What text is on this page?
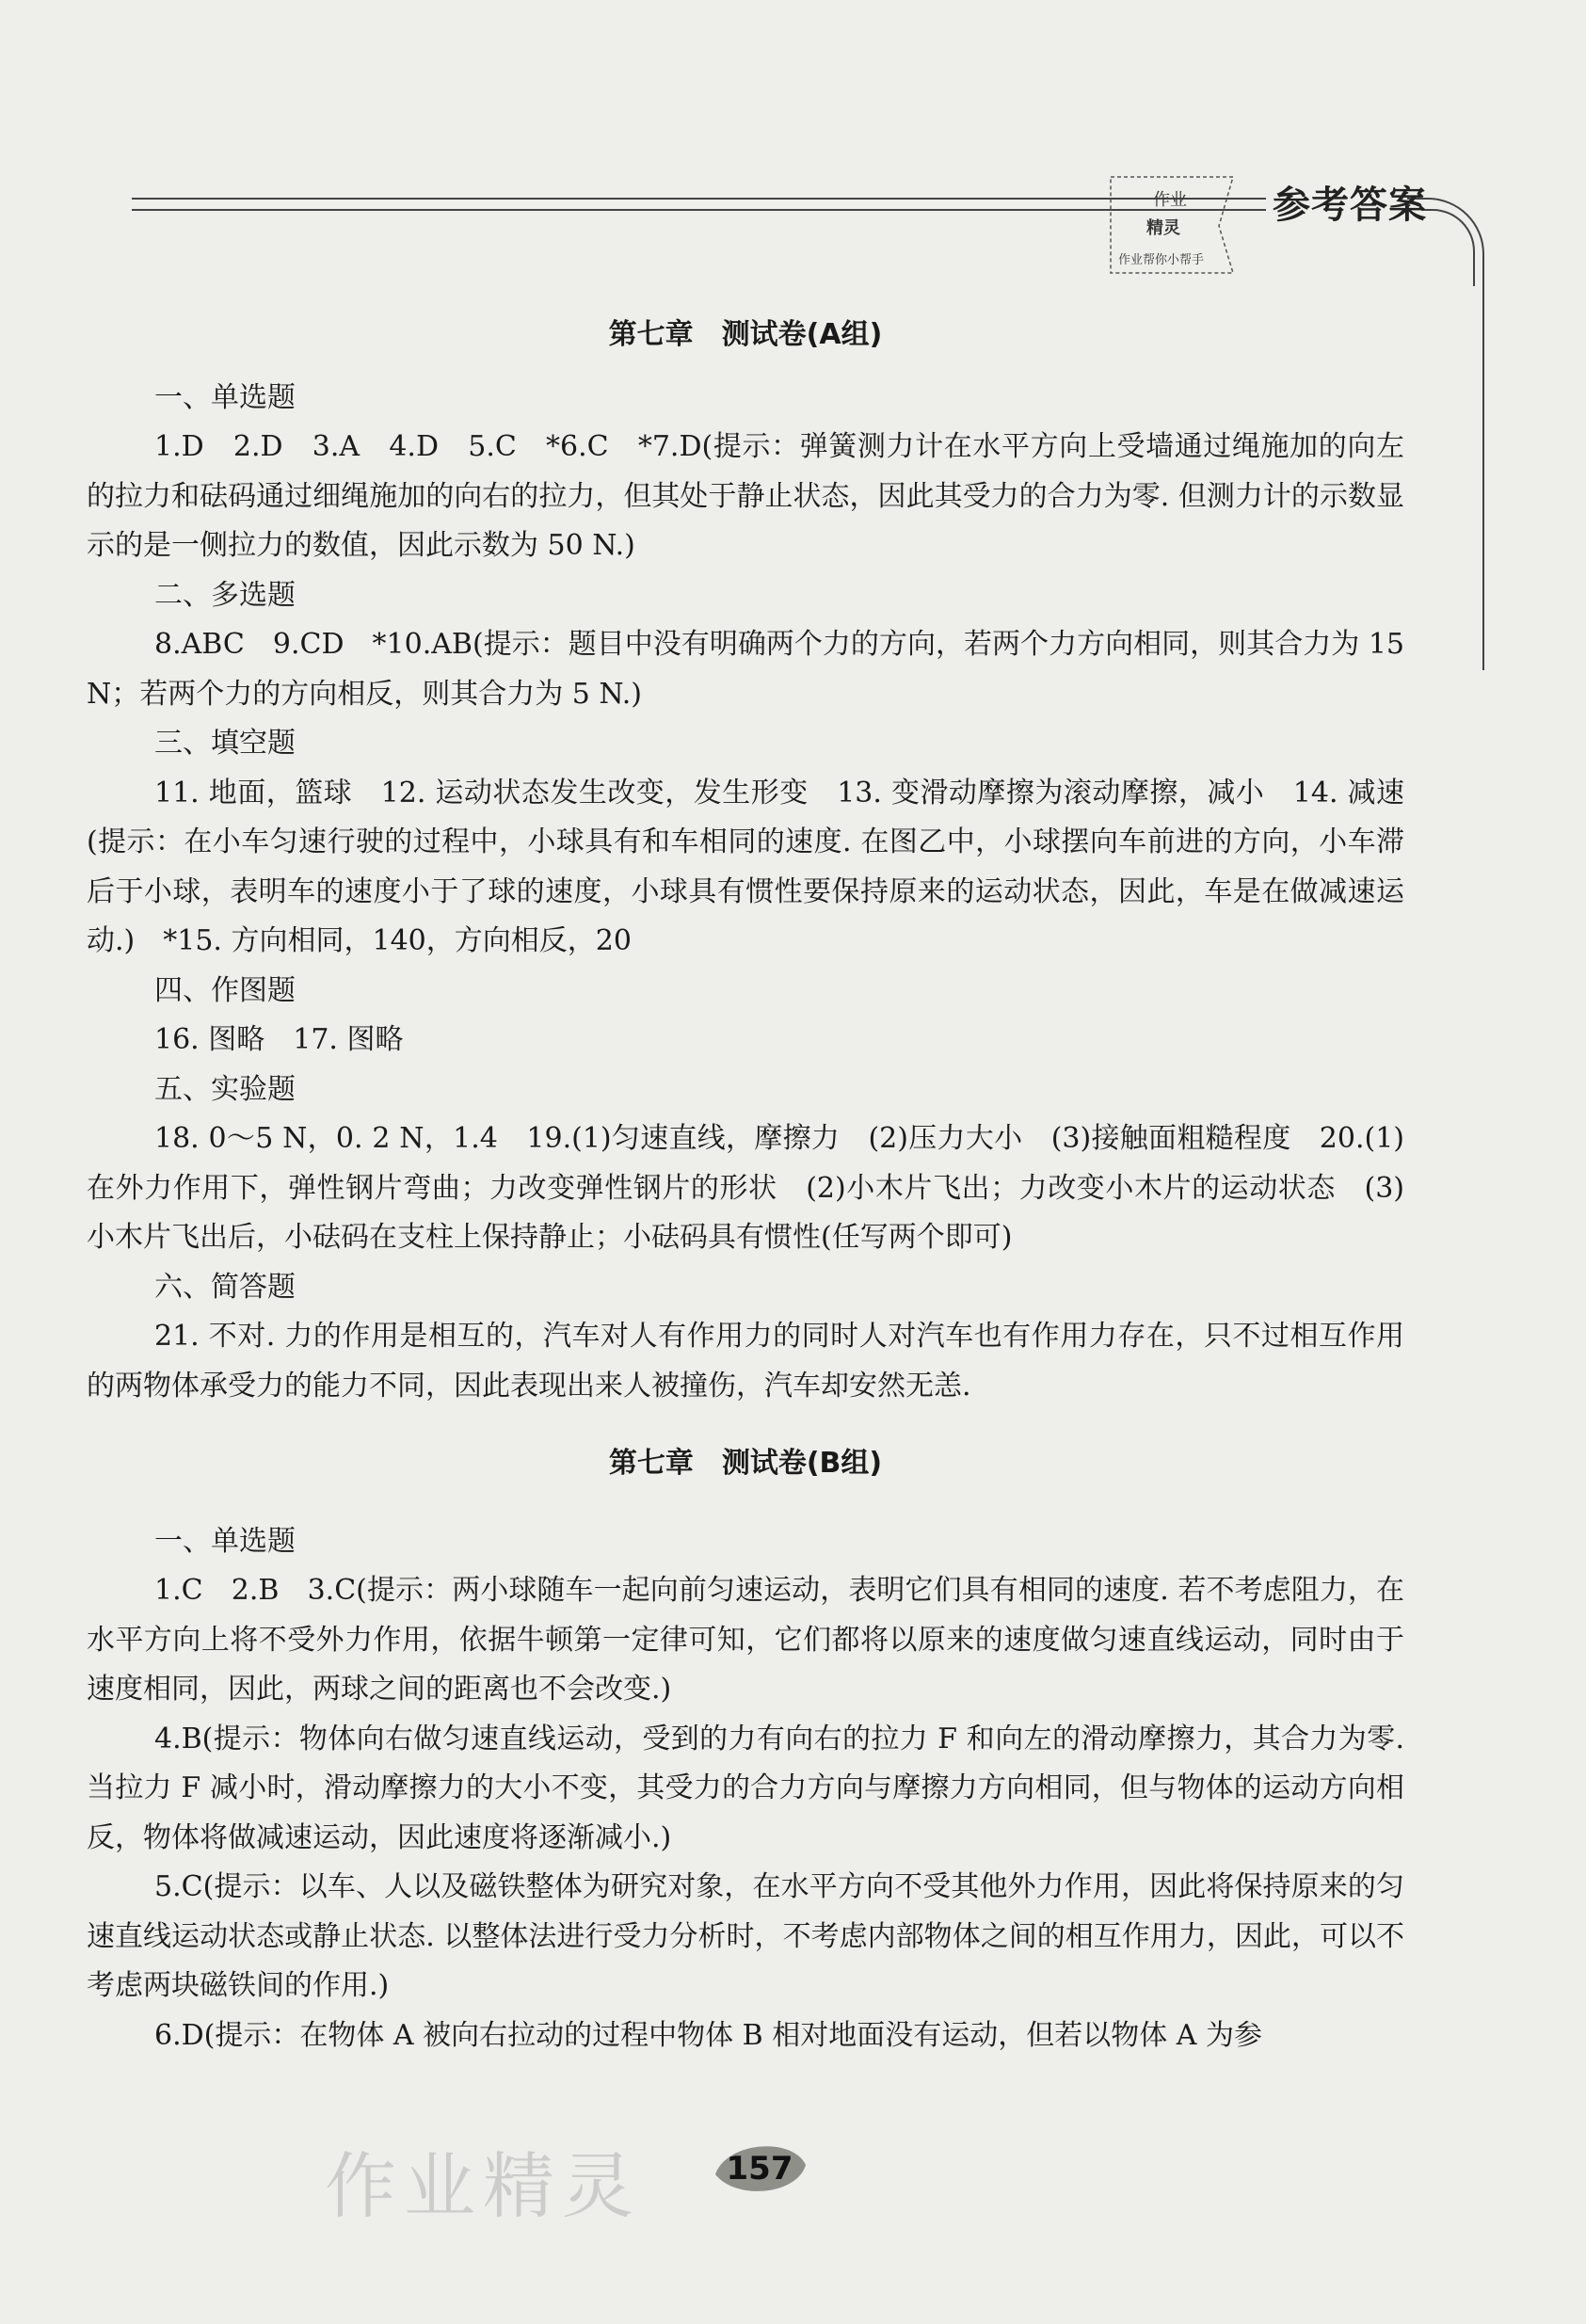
作业
精灵
作业帮你小帮手
参考答案
第七章　测试卷(A组)
一、单选题
1.D　2.D　3.A　4.D　5.C　*6.C　*7.D(提示：弹簧测力计在水平方向上受墙通过绳施加的向左的拉力和砝码通过细绳施加的向右的拉力，但其处于静止状态，因此其受力的合力为零. 但测力计的示数显示的是一侧拉力的数值，因此示数为 50 N.)
二、多选题
8.ABC　9.CD　*10.AB(提示：题目中没有明确两个力的方向，若两个力方向相同，则其合力为 15 N；若两个力的方向相反，则其合力为 5 N.)
三、填空题
11. 地面，篮球　12. 运动状态发生改变，发生形变　13. 变滑动摩擦为滚动摩擦，减小　14. 减速(提示：在小车匀速行驶的过程中，小球具有和车相同的速度. 在图乙中，小球摆向车前进的方向，小车滞后于小球，表明车的速度小于了球的速度，小球具有惯性要保持原来的运动状态，因此，车是在做减速运动.)　*15. 方向相同，140，方向相反，20
四、作图题
16. 图略　17. 图略
五、实验题
18. 0～5 N，0. 2 N，1.4　19.(1)匀速直线，摩擦力　(2)压力大小　(3)接触面粗糙程度　20.(1)在外力作用下，弹性钢片弯曲；力改变弹性钢片的形状　(2)小木片飞出；力改变小木片的运动状态　(3)小木片飞出后，小砝码在支柱上保持静止；小砝码具有惯性(任写两个即可)
六、简答题
21. 不对. 力的作用是相互的，汽车对人有作用力的同时人对汽车也有作用力存在，只不过相互作用的两物体承受力的能力不同，因此表现出来人被撞伤，汽车却安然无恙.
第七章　测试卷(B组)
一、单选题
1.C　2.B　3.C(提示：两小球随车一起向前匀速运动，表明它们具有相同的速度. 若不考虑阻力，在水平方向上将不受外力作用，依据牛顿第一定律可知，它们都将以原来的速度做匀速直线运动，同时由于速度相同，因此，两球之间的距离也不会改变.)
4.B(提示：物体向右做匀速直线运动，受到的力有向右的拉力 F 和向左的滑动摩擦力，其合力为零. 当拉力 F 减小时，滑动摩擦力的大小不变，其受力的合力方向与摩擦力方向相同，但与物体的运动方向相反，物体将做减速运动，因此速度将逐渐减小.)
5.C(提示：以车、人以及磁铁整体为研究对象，在水平方向不受其他外力作用，因此将保持原来的匀速直线运动状态或静止状态. 以整体法进行受力分析时，不考虑内部物体之间的相互作用力，因此，可以不考虑两块磁铁间的作用.)
6.D(提示：在物体 A 被向右拉动的过程中物体 B 相对地面没有运动，但若以物体 A 为参
作业精灵	157
